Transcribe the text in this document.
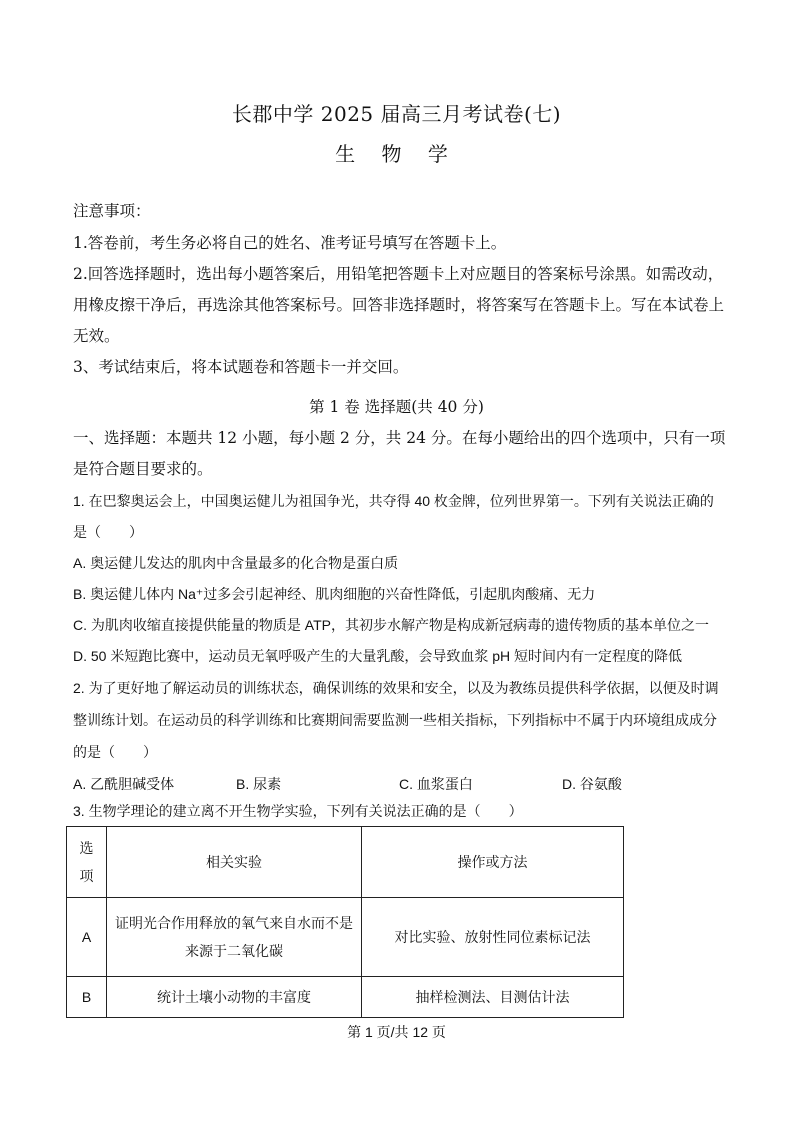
长郡中学 2025 届高三月考试卷(七)
生 物 学
注意事项：
1.答卷前，考生务必将自己的姓名、准考证号填写在答题卡上。
2.回答选择题时，选出每小题答案后，用铅笔把答题卡上对应题目的答案标号涂黑。如需改动，用橡皮擦干净后，再选涂其他答案标号。回答非选择题时，将答案写在答题卡上。写在本试卷上无效。
3、考试结束后，将本试题卷和答题卡一并交回。
第 1 卷 选择题(共 40 分)
一、选择题：本题共 12 小题，每小题 2 分，共 24 分。在每小题给出的四个选项中，只有一项是符合题目要求的。

1. 在巴黎奥运会上，中国奥运健儿为祖国争光，共夺得 40 枚金牌，位列世界第一。下列有关说法正确的是（　　）

A. 奥运健儿发达的肌肉中含量最多的化合物是蛋白质

B. 奥运健儿体内 Na⁺过多会引起神经、肌肉细胞的兴奋性降低，引起肌肉酸痛、无力

C. 为肌肉收缩直接提供能量的物质是 ATP，其初步水解产物是构成新冠病毒的遗传物质的基本单位之一

D. 50 米短跑比赛中，运动员无氧呼吸产生的大量乳酸，会导致血浆 pH 短时间内有一定程度的降低

2. 为了更好地了解运动员的训练状态，确保训练的效果和安全，以及为教练员提供科学依据，以便及时调整训练计划。在运动员的科学训练和比赛期间需要监测一些相关指标，下列指标中不属于内环境组成成分的是（　　）

A. 乙酰胆碱受体	B. 尿素	C. 血浆蛋白	D. 谷氨酸

3. 生物学理论的建立离不开生物学实验，下列有关说法正确的是（　　）

选项	相关实验	操作或方法
A	证明光合作用释放的氧气来自水而不是来源于二氧化碳	对比实验、放射性同位素标记法
B	统计土壤小动物的丰富度	抽样检测法、目测估计法
第 1 页/共 12 页
